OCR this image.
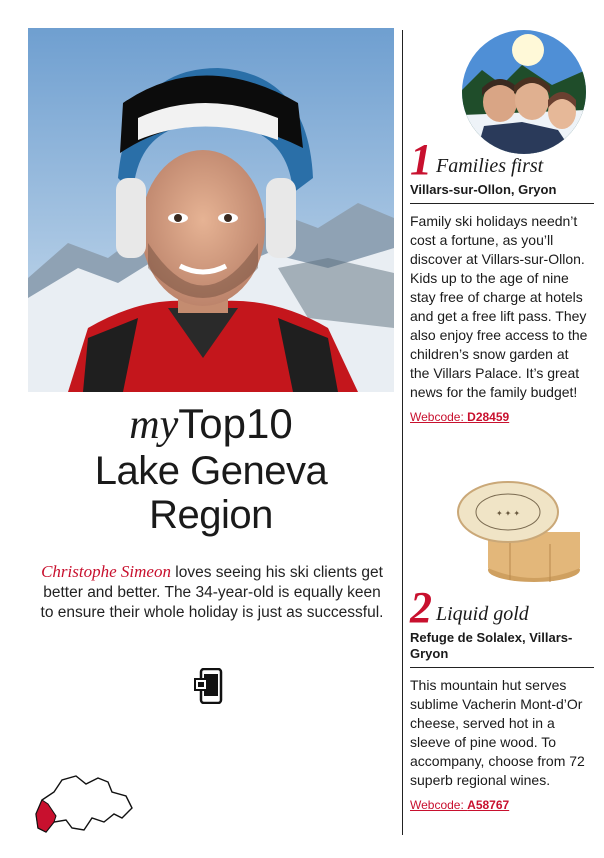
myTop10
Lake Geneva
Region
Christophe Simeon loves seeing his ski clients get better and better. The 34-year-old is equally keen to ensure their whole holiday is just as successful.
1 Families first
Villars-sur-Ollon, Gryon
Family ski holidays needn’t cost a fortune, as you’ll discover at Villars-sur-Ollon. Kids up to the age of nine stay free of charge at hotels and get a free lift pass. They also enjoy free access to the children’s snow garden at the Villars Palace. It’s great news for the family budget!
Webcode: D28459
✦ ✦ ✦
2 Liquid gold
Refuge de Solalex, Villars-Gryon
This mountain hut serves sublime Vacherin Mont-d’Or cheese, served hot in a sleeve of pine wood. To accompany, choose from 72 superb regional wines.
Webcode: A58767
